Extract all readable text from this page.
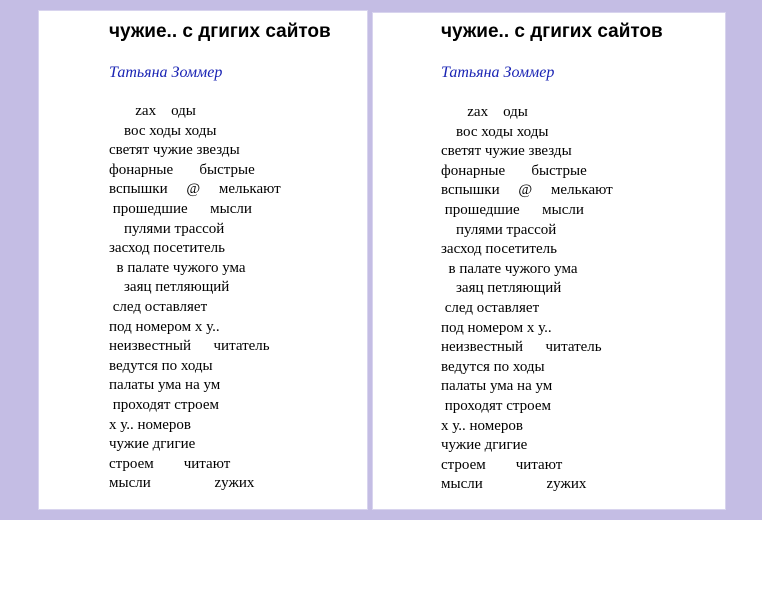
чужие.. с дгигих сайтов
Татьяна Зоммер
zax    оды
вос ходы ходы
светят чужие звезды
фонарные       быстрые
вспышки     @     мелькают
прошедшие      мысли
пулями трассой
засход посетитель
в палате чужого ума
заяц петляющий
след оставляет
под номером x у..
неизвестный      читатель
ведутся по ходы
палаты ума на ум
проходят строем
x у.. номеров
чужие дгигие
строем        читают
мысли                 zужих
чужие.. с дгигих сайтов
Татьяна Зоммер
zax    оды
вос ходы ходы
светят чужие звезды
фонарные       быстрые
вспышки     @     мелькают
прошедшие      мысли
пулями трассой
засход посетитель
в палате чужого ума
заяц петляющий
след оставляет
под номером x у..
неизвестный      читатель
ведутся по ходы
палаты ума на ум
проходят строем
x у.. номеров
чужие дгигие
строем        читают
мысли                 zужих
